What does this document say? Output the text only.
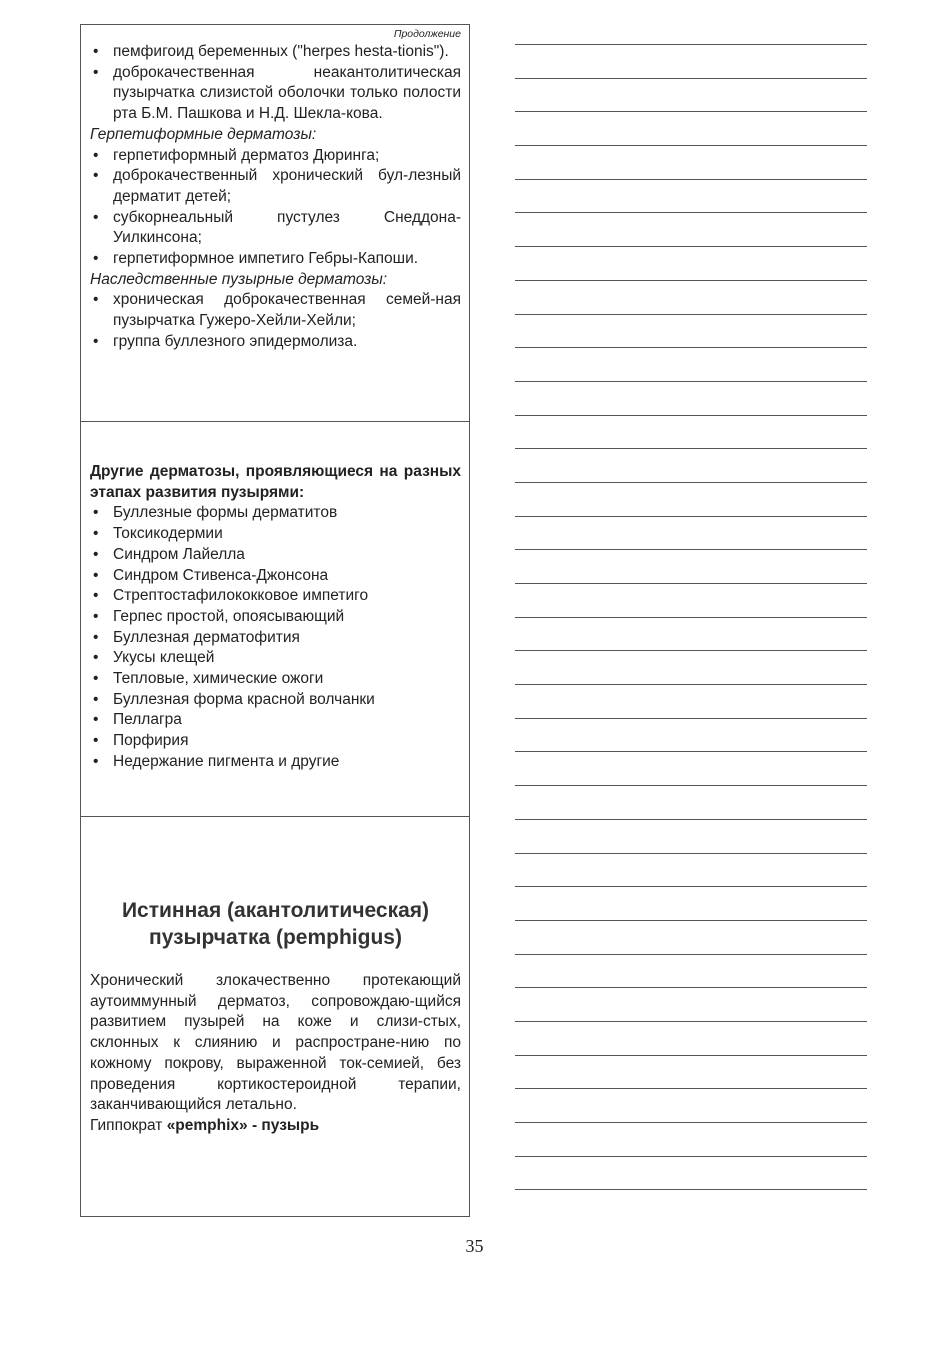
Продолжение
• пемфигоид беременных ("herpes hesta-tionis").
• доброкачественная неакантолитическая пузырчатка слизистой оболочки только полости рта Б.М. Пашкова и Н.Д. Шекла-кова.
Герпетиформные дерматозы:
• герпетиформный дерматоз Дюринга;
• доброкачественный хронический бул-лезный дерматит детей;
• субкорнеальный пустулез Снеддона-Уилкинсона;
• герпетиформное импетиго Гебры-Капоши.
Наследственные пузырные дерматозы:
• хроническая доброкачественная семей-ная пузырчатка Гужеро-Хейли-Хейли;
• группа буллезного эпидермолиза.
Другие дерматозы, проявляющиеся на разных этапах развития пузырями:
• Буллезные формы дерматитов
• Токсикодермии
• Синдром Лайелла
• Синдром Стивенса-Джонсона
• Стрептостафилококковое импетиго
• Герпес простой, опоясывающий
• Буллезная дерматофития
• Укусы клещей
• Тепловые, химические ожоги
• Буллезная форма красной волчанки
• Пеллагра
• Порфирия
• Недержание пигмента и другие
Истинная (акантолитическая)
пузырчатка (pemphigus)
Хронический злокачественно протекающий аутоиммунный дерматоз, сопровождаю-щийся развитием пузырей на коже и слизи-стых, склонных к слиянию и распростране-нию по кожному покрову, выраженной ток-семией, без проведения кортикостероидной терапии, заканчивающийся летально.
Гиппократ «pemphix» - пузырь
35
